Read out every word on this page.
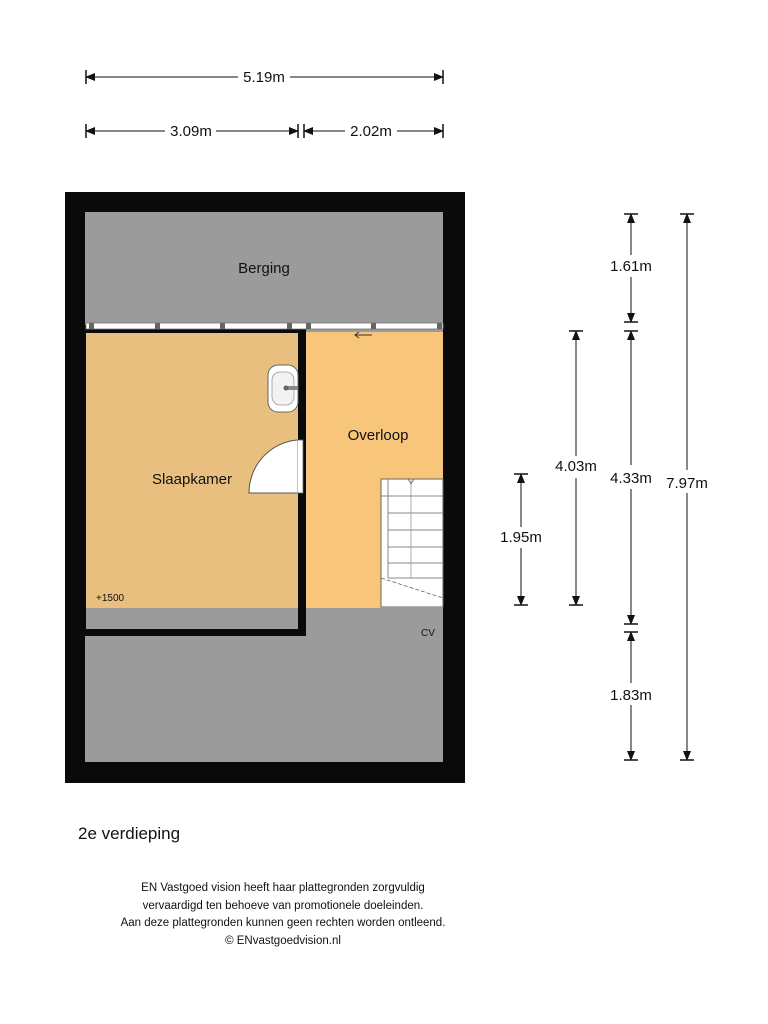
5.19m
3.09m	2.02m
Berging
Slaapkamer
Overloop
+1500
CV
1.95m
4.03m
1.61m
4.33m
1.83m
7.97m
2e verdieping
EN Vastgoed vision heeft haar plattegronden zorgvuldig
vervaardigd ten behoeve van promotionele doeleinden.
Aan deze plattegronden kunnen geen rechten worden ontleend.
© ENvastgoedvision.nl
